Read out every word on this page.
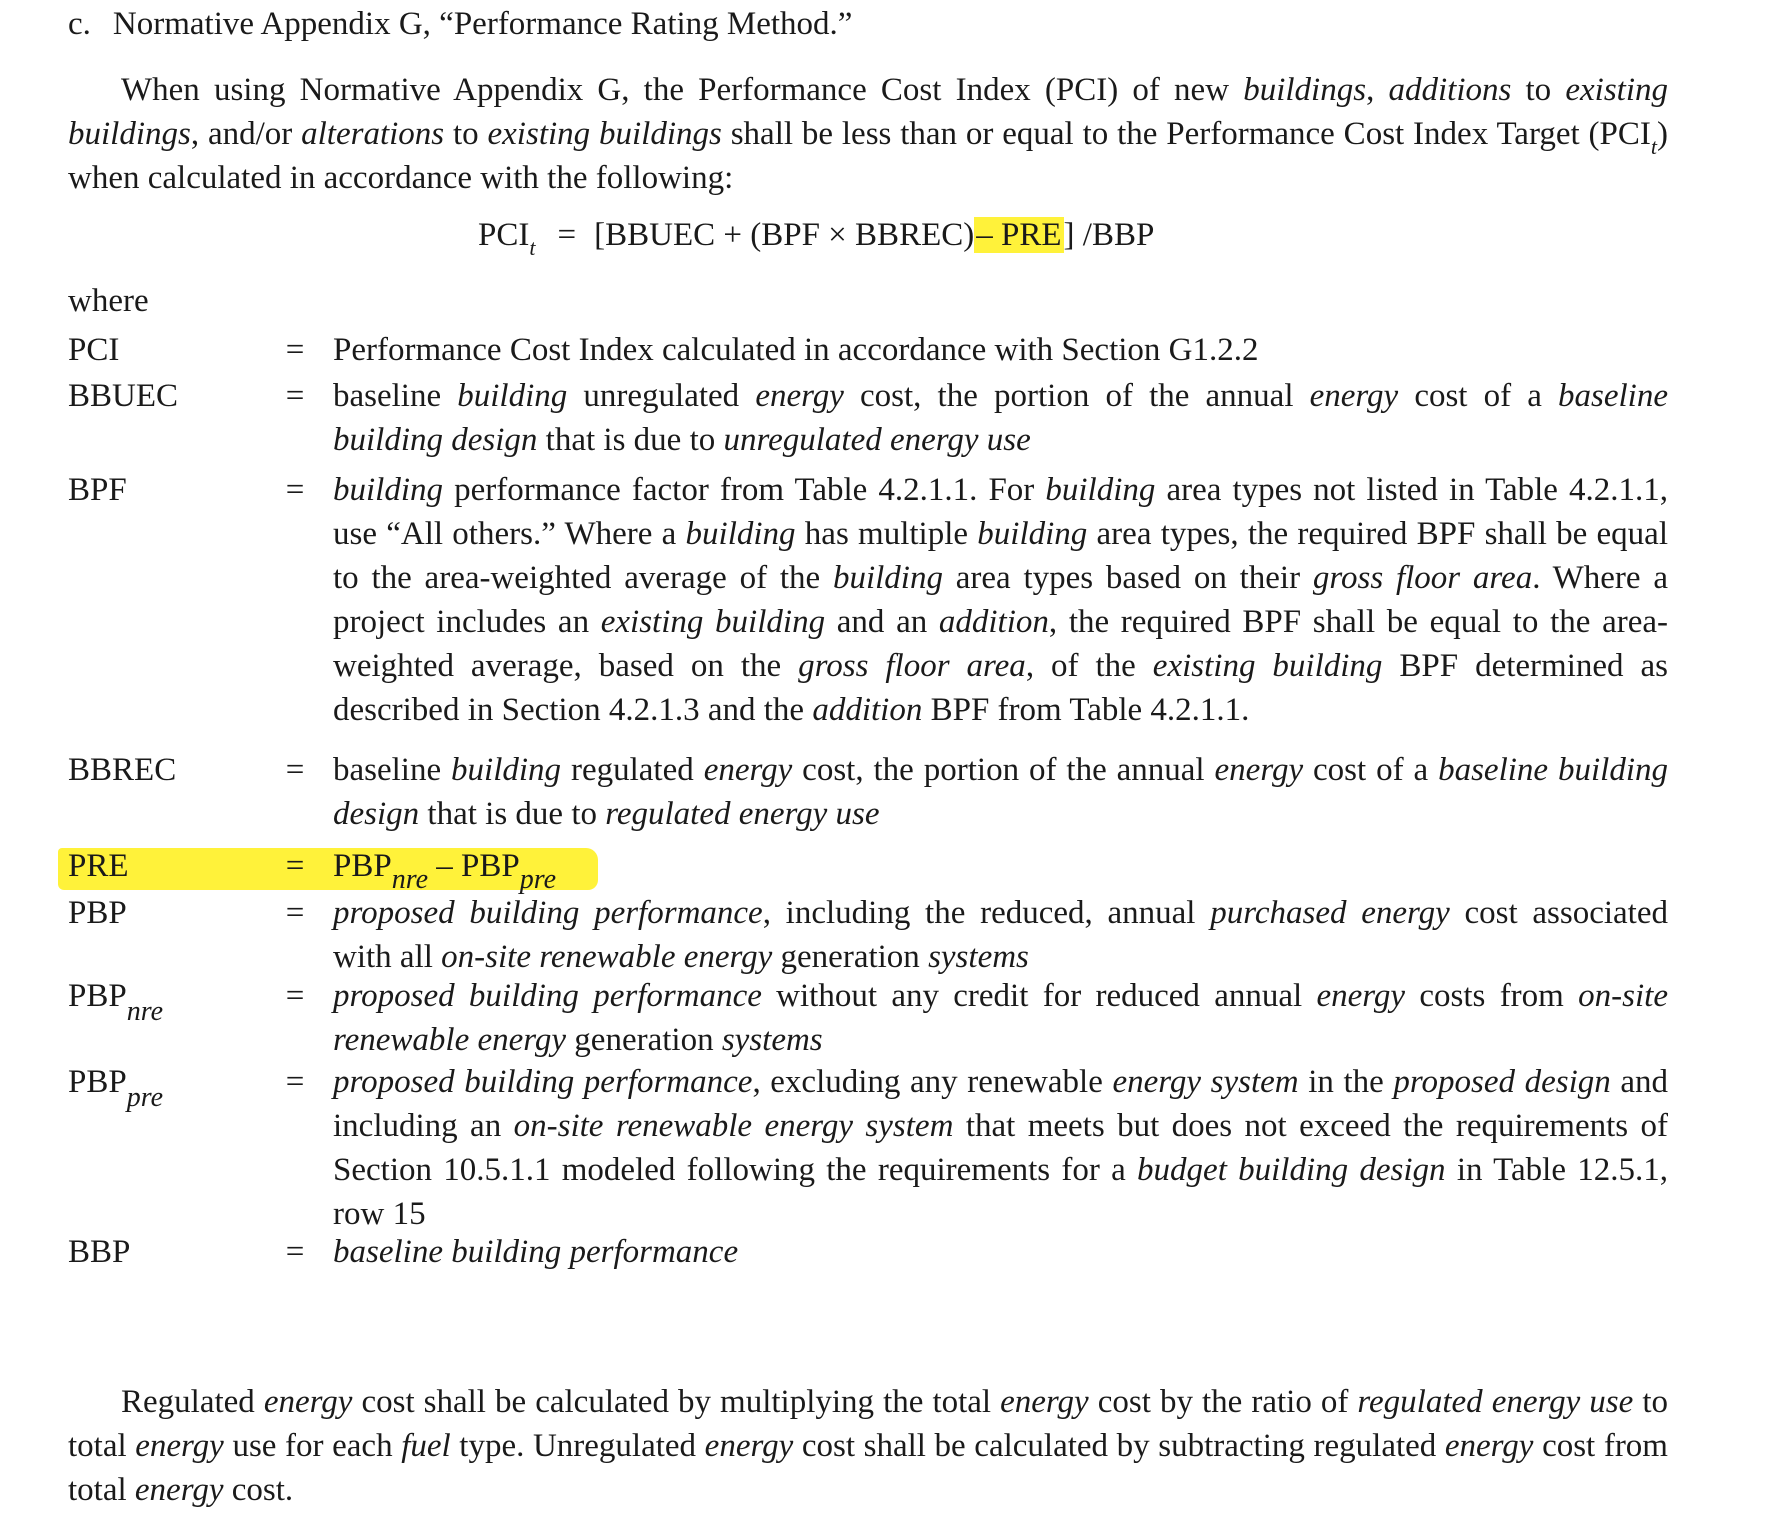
c. Normative Appendix G, “Performance Rating Method.”

When using Normative Appendix G, the Performance Cost Index (PCI) of new buildings, additions to existing buildings, and/or alterations to existing buildings shall be less than or equal to the Performance Cost Index Target $(PCI_t)$ when calculated in accordance with the following:

$PCI_t$ = [BBUEC + (BPF × BBREC)– PRE] /BBP
where
PCI	= Performance Cost Index calculated in accordance with Section G1.2.2
BBUEC	= baseline building unregulated energy cost, the portion of the annual energy cost of a baseline building design that is due to unregulated energy use
BPF	= building performance factor from Table 4.2.1.1. For building area types not listed in Table 4.2.1.1, use “All others.” Where a building has multiple building area types, the required BPF shall be equal to the area-weighted average of the building area types based on their gross floor area. Where a project includes an existing building and an addition, the required BPF shall be equal to the area-weighted average, based on the gross floor area, of the existing building BPF determined as described in Section 4.2.1.3 and the addition BPF from Table 4.2.1.1.
BBREC	= baseline building regulated energy cost, the portion of the annual energy cost of a baseline building design that is due to regulated energy use
PRE	= $PBP_{nre} - PBP_{pre}$
PBP	= proposed building performance, including the reduced, annual purchased energy cost associated with all on-site renewable energy generation systems
$PBP_{nre}$	= proposed building performance without any credit for reduced annual energy costs from on-site renewable energy generation systems
$PBP_{pre}$	= proposed building performance, excluding any renewable energy system in the proposed design and including an on-site renewable energy system that meets but does not exceed the requirements of Section 10.5.1.1 modeled following the requirements for a budget building design in Table 12.5.1, row 15
BBP	= baseline building performance

Regulated energy cost shall be calculated by multiplying the total energy cost by the ratio of regulated energy use to total energy use for each fuel type. Unregulated energy cost shall be calculated by subtracting regulated energy cost from total energy cost.
